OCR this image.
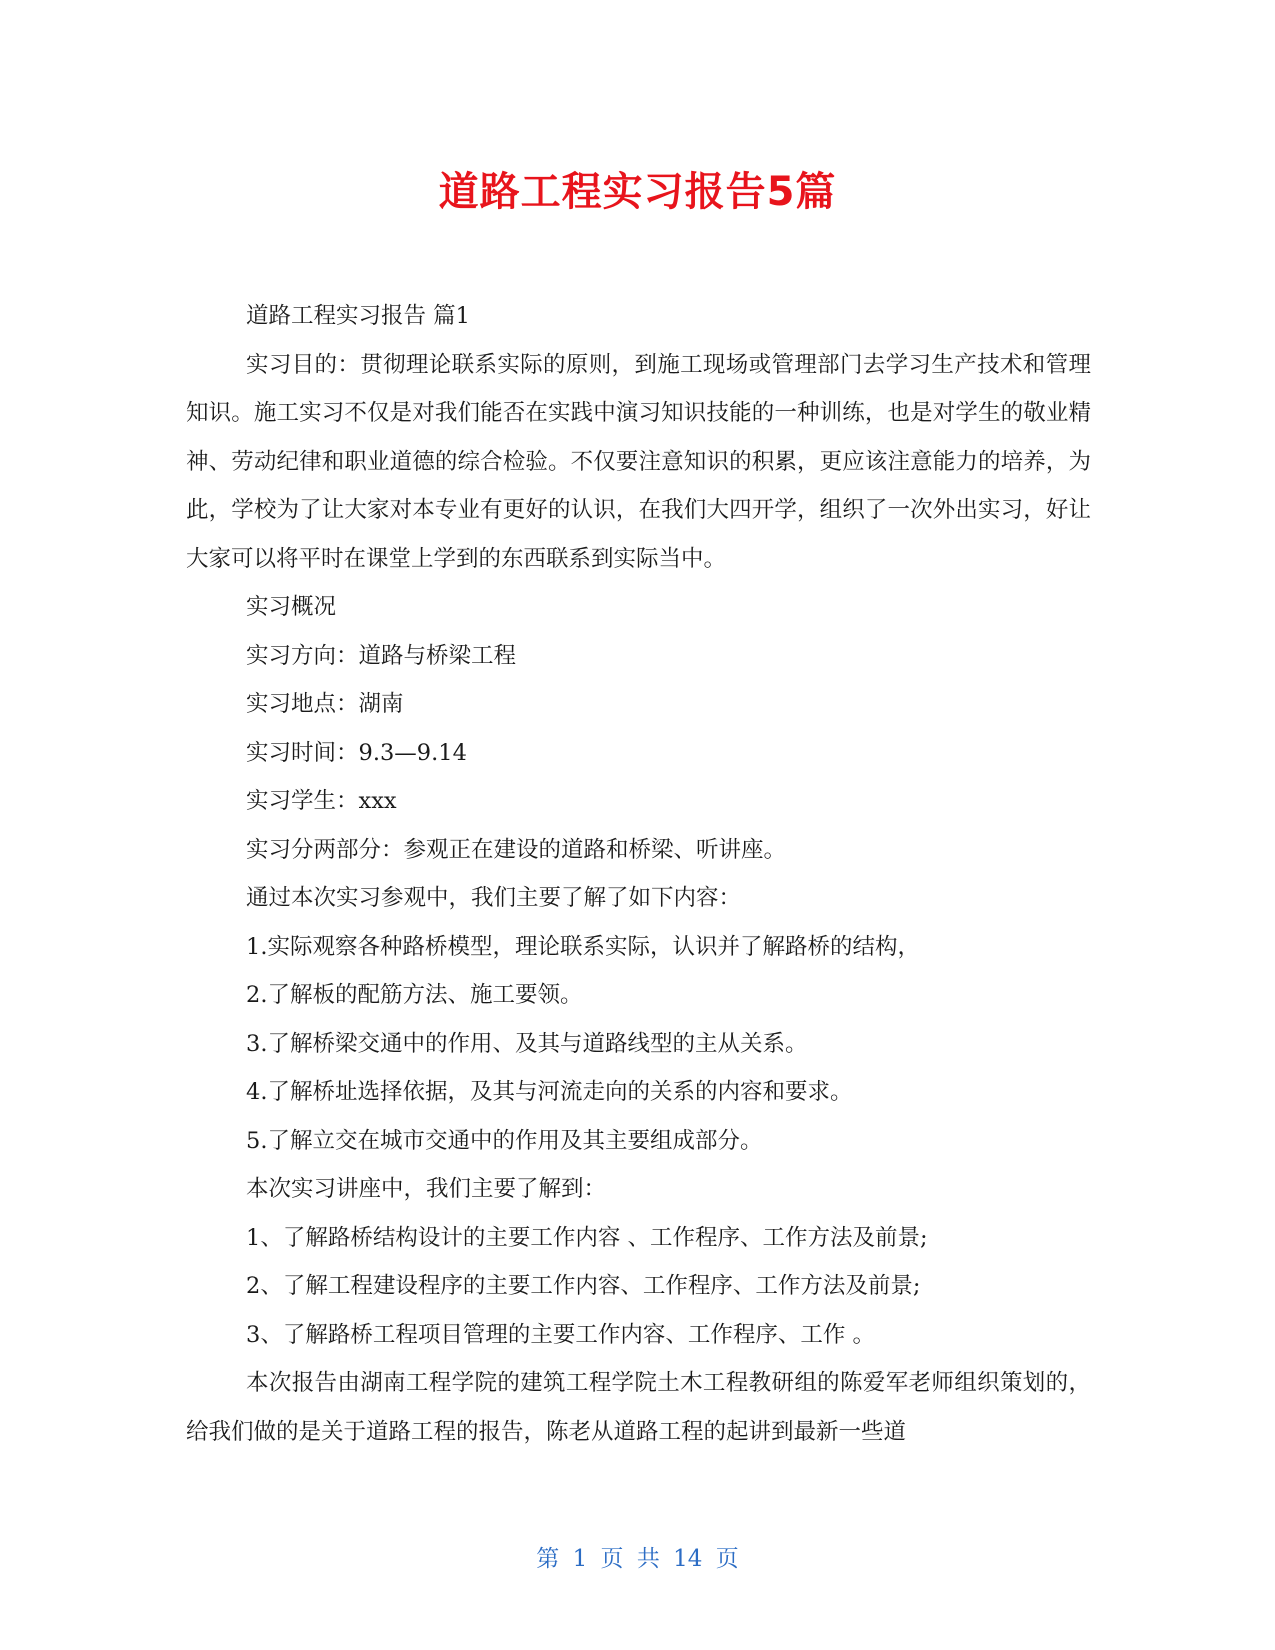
道路工程实习报告5篇

道路工程实习报告 篇1

实习目的：贯彻理论联系实际的原则，到施工现场或管理部门去学习生产技术和管理知识。施工实习不仅是对我们能否在实践中演习知识技能的一种训练，也是对学生的敬业精神、劳动纪律和职业道德的综合检验。不仅要注意知识的积累，更应该注意能力的培养，为此，学校为了让大家对本专业有更好的认识，在我们大四开学，组织了一次外出实习，好让大家可以将平时在课堂上学到的东西联系到实际当中。

实习概况

实习方向：道路与桥梁工程

实习地点：湖南

实习时间：9.3—9.14

实习学生：xxx

实习分两部分：参观正在建设的道路和桥梁、听讲座。

通过本次实习参观中，我们主要了解了如下内容：

1.实际观察各种路桥模型，理论联系实际，认识并了解路桥的结构，

2.了解板的配筋方法、施工要领。

3.了解桥梁交通中的作用、及其与道路线型的主从关系。

4.了解桥址选择依据，及其与河流走向的关系的内容和要求。

5.了解立交在城市交通中的作用及其主要组成部分。

本次实习讲座中，我们主要了解到：

1、了解路桥结构设计的主要工作内容 、工作程序、工作方法及前景;

2、了解工程建设程序的主要工作内容、工作程序、工作方法及前景;

3、了解路桥工程项目管理的主要工作内容、工作程序、工作 。

本次报告由湖南工程学院的建筑工程学院土木工程教研组的陈爱军老师组织策划的，给我们做的是关于道路工程的报告，陈老从道路工程的起讲到最新一些道

第 1 页 共 14 页
